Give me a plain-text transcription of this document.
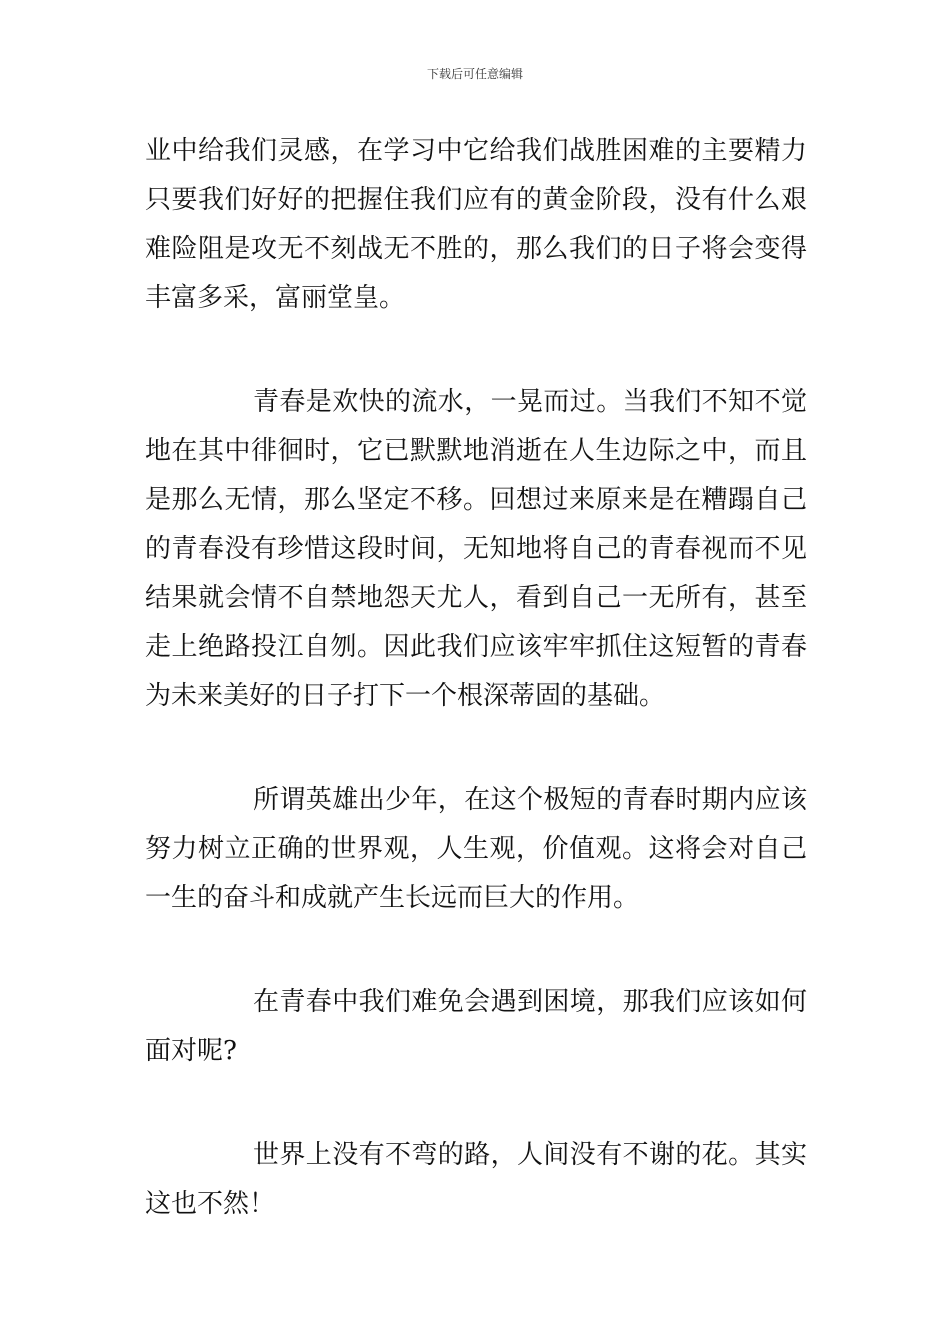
下载后可任意编辑
业中给我们灵感，在学习中它给我们战胜困难的主要精力
只要我们好好的把握住我们应有的黄金阶段，没有什么艰
难险阻是攻无不刻战无不胜的，那么我们的日子将会变得
丰富多采，富丽堂皇。
青春是欢快的流水，一晃而过。当我们不知不觉
地在其中徘徊时，它已默默地消逝在人生边际之中，而且
是那么无情，那么坚定不移。回想过来原来是在糟蹋自己
的青春没有珍惜这段时间，无知地将自己的青春视而不见
结果就会情不自禁地怨天尤人，看到自己一无所有，甚至
走上绝路投江自刎。因此我们应该牢牢抓住这短暂的青春
为未来美好的日子打下一个根深蒂固的基础。
所谓英雄出少年，在这个极短的青春时期内应该
努力树立正确的世界观，人生观，价值观。这将会对自己
一生的奋斗和成就产生长远而巨大的作用。
在青春中我们难免会遇到困境，那我们应该如何
面对呢?
世界上没有不弯的路，人间没有不谢的花。其实
这也不然！
